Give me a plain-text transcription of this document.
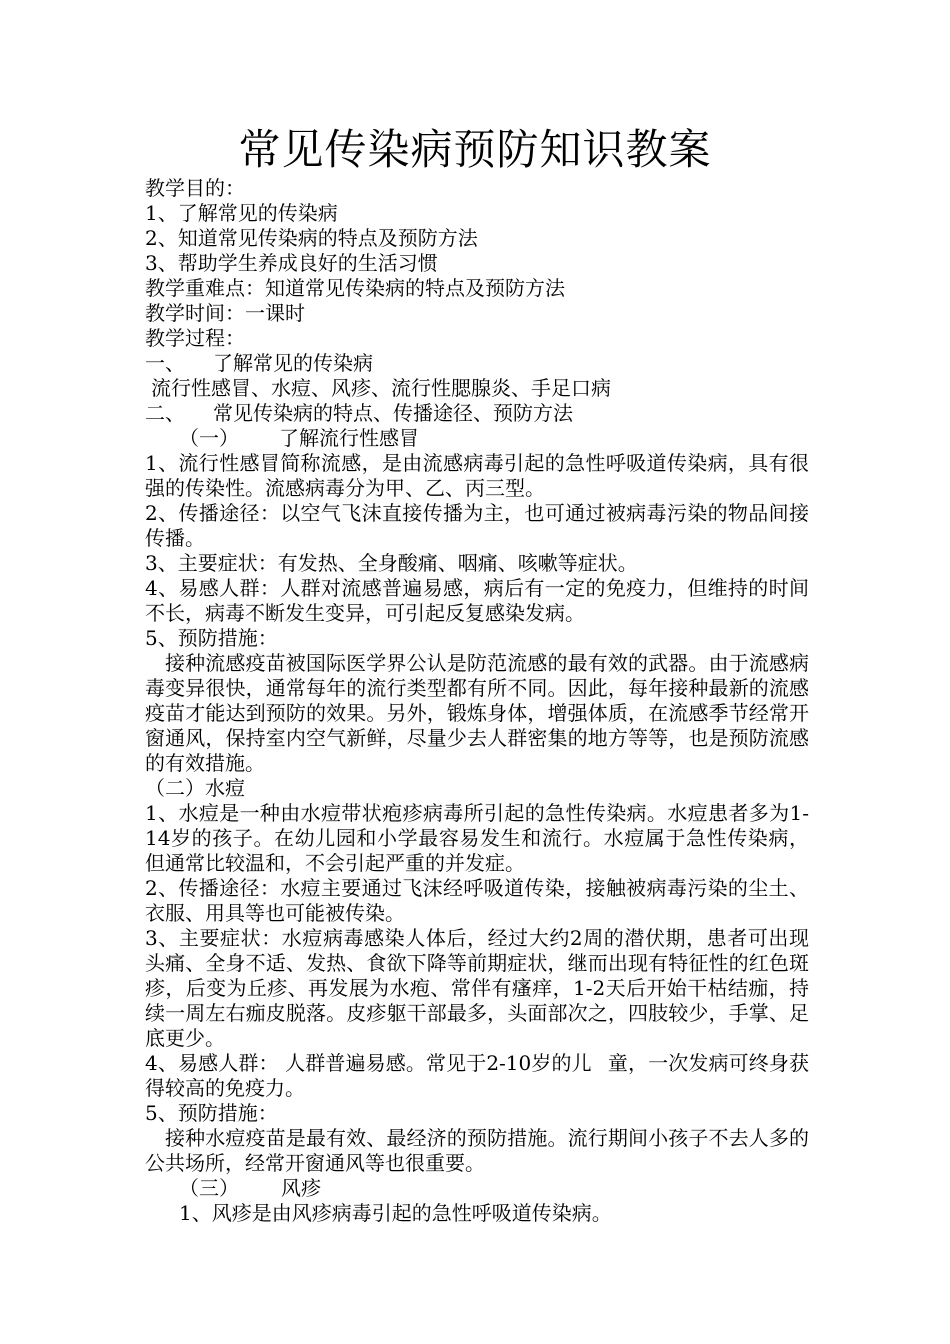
常见传染病预防知识教案
教学目的：
1、了解常见的传染病
2、知道常见传染病的特点及预防方法
3、帮助学生养成良好的生活习惯
教学重难点：知道常见传染病的特点及预防方法
教学时间：一课时
教学过程：
一、 了解常见的传染病
流行性感冒、水痘、风疹、流行性腮腺炎、手足口病
二、 常见传染病的特点、传播途径、预防方法
（一） 了解流行性感冒
1、流行性感冒简称流感，是由流感病毒引起的急性呼吸道传染病，具有很强的传染性。流感病毒分为甲、乙、丙三型。
2、传播途径：以空气飞沫直接传播为主，也可通过被病毒污染的物品间接传播。
3、主要症状：有发热、全身酸痛、咽痛、咳嗽等症状。
4、易感人群：人群对流感普遍易感，病后有一定的免疫力，但维持的时间不长，病毒不断发生变异，可引起反复感染发病。
5、预防措施：
接种流感疫苗被国际医学界公认是防范流感的最有效的武器。由于流感病毒变异很快，通常每年的流行类型都有所不同。因此，每年接种最新的流感疫苗才能达到预防的效果。另外，锻炼身体，增强体质，在流感季节经常开窗通风，保持室内空气新鲜，尽量少去人群密集的地方等等，也是预防流感的有效措施。
（二）水痘
1、水痘是一种由水痘带状疱疹病毒所引起的急性传染病。水痘患者多为1-14岁的孩子。在幼儿园和小学最容易发生和流行。水痘属于急性传染病，但通常比较温和，不会引起严重的并发症。
2、传播途径：水痘主要通过飞沫经呼吸道传染，接触被病毒污染的尘土、衣服、用具等也可能被传染。
3、主要症状：水痘病毒感染人体后，经过大约2周的潜伏期，患者可出现头痛、全身不适、发热、食欲下降等前期症状，继而出现有特征性的红色斑疹，后变为丘疹、再发展为水疱、常伴有瘙痒，1-2天后开始干枯结痂，持续一周左右痂皮脱落。皮疹躯干部最多，头面部次之，四肢较少，手掌、足底更少。
4、易感人群： 人群普遍易感。常见于2-10岁的儿 童，一次发病可终身获得较高的免疫力。
5、预防措施：
接种水痘疫苗是最有效、最经济的预防措施。流行期间小孩子不去人多的公共场所，经常开窗通风等也很重要。
（三） 风疹
1、风疹是由风疹病毒引起的急性呼吸道传染病。
